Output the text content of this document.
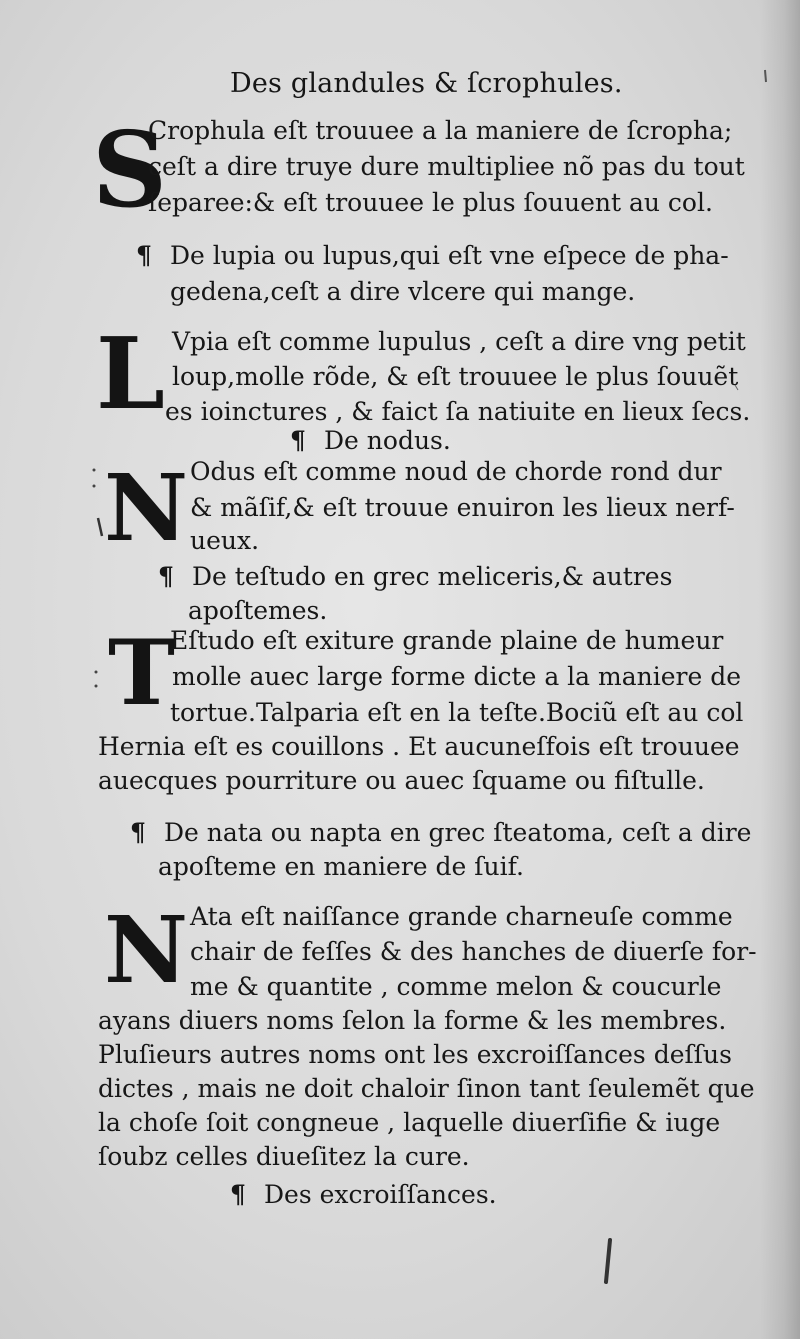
Des glandules & ſcrophules.

S

Crophula eſt trouuee a la maniere de ſcropha;

ceſt a dire truye dure multipliee nõ pas du tout

ſeparee:& eſt trouuee le plus ſouuent au col.

¶ De lupia ou lupus,qui eſt vne eſpece de pha-

gedena,ceſt a dire vlcere qui mange.

L Vpia eſt comme lupulus , ceſt a dire vng petit

loup,molle rõde, & eſt trouuee le plus ſouuẽt

es ioinctures , & faict ſa natiuite en lieux ſecs.

¶ De nodus.

N Odus eſt comme noud de chorde rond dur

& mãſif,& eſt trouue enuiron les lieux nerf-

ueux.

¶ De teſtudo en grec meliceris,& autres

apoſtemes.

T

Eſtudo eſt exiture grande plaine de humeur

molle auec large forme dicte a la maniere de

tortue.Talparia eſt en la teſte.Bociũ eſt au col

Hernia eſt es couillons . Et aucuneſfois eſt trouuee

auecques pourriture ou auec ſquame ou fiſtulle.

¶ De nata ou napta en grec ſteatoma, ceſt a dire

apoſteme en maniere de ſuif.

N Ata eſt naiſſance grande charneuſe comme

chair de feſſes & des hanches de diuerſe for-

me & quantite , comme melon & coucurle

ayans diuers noms ſelon la forme & les membres.

Pluſieurs autres noms ont les excroiſſances deſſus

dictes , mais ne doit chaloir ſinon tant ſeulemẽt que

la choſe ſoit congneue , laquelle diuerſifie & iuge

ſoubz celles diueſitez la cure.

¶ Des excroiſſances.
